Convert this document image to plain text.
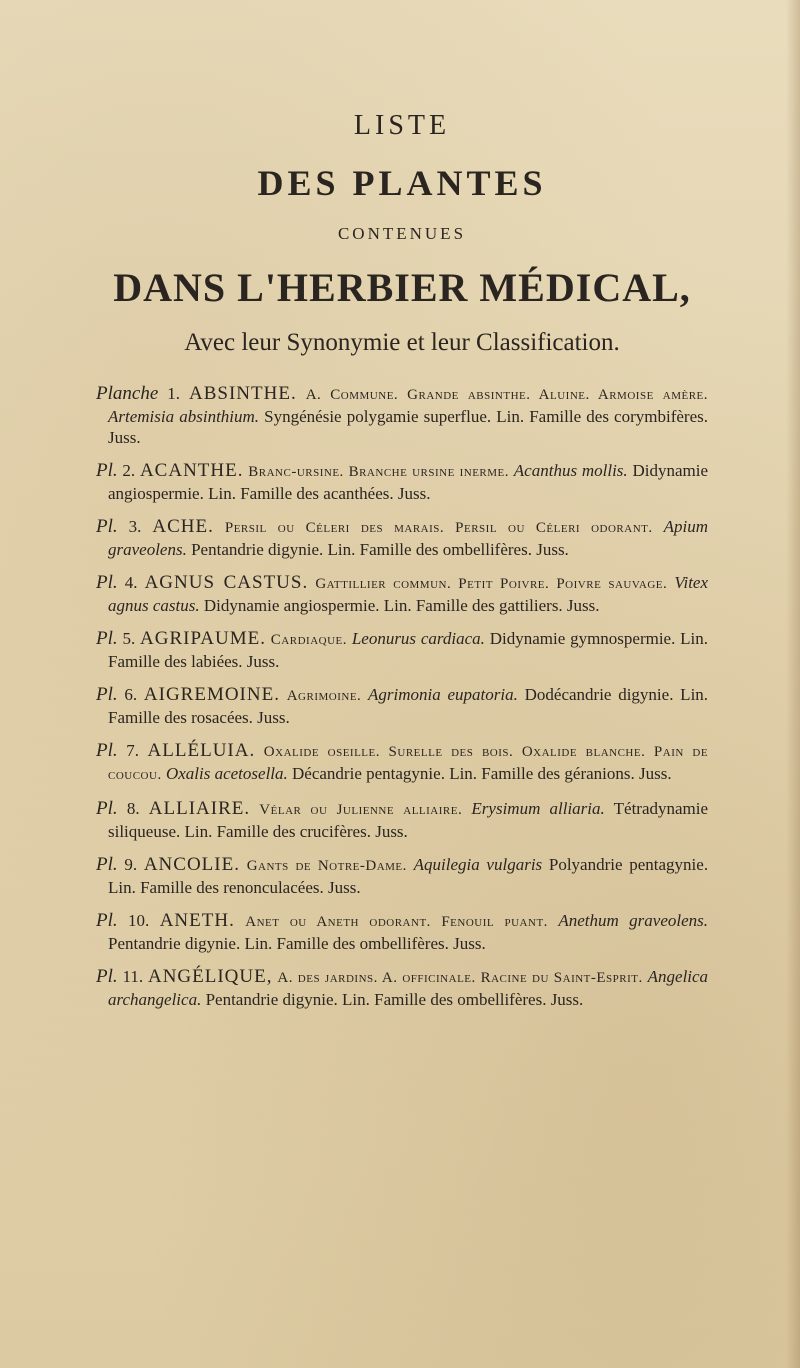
LISTE
DES PLANTES
CONTENUES
DANS L'HERBIER MÉDICAL,
Avec leur Synonymie et leur Classification.
Planche 1. ABSINTHE. A. Commune. Grande absinthe. Aluine. Armoise amère. Artemisia absinthium. Syngénésie polygamie superflue. Lin. Famille des corymbifères. Juss.
Pl. 2. ACANTHE. Branc-ursine. Branche ursine inerme. Acanthus mollis. Didynamie angiospermie. Lin. Famille des acanthées. Juss.
Pl. 3. ACHE. Persil ou Céleri des marais. Persil ou Céleri odorant. Apium graveolens. Pentandrie digynie. Lin. Famille des ombellifères. Juss.
Pl. 4. AGNUS CASTUS. Gattillier commun. Petit Poivre. Poivre sauvage. Vitex agnus castus. Didynamie angiospermie. Lin. Famille des gattiliers. Juss.
Pl. 5. AGRIPAUME. Cardiaque. Leonurus cardiaca. Didynamie gymnospermie. Lin. Famille des labiées. Juss.
Pl. 6. AIGREMOINE. Agrimoine. Agrimonia eupatoria. Dodécandrie digynie. Lin. Famille des rosacées. Juss.
Pl. 7. ALLÉLUIA. Oxalide oseille. Surelle des bois. Oxalide blanche. Pain de coucou. Oxalis acetosella. Décandrie pentagynie. Lin. Famille des géranions. Juss.
Pl. 8. ALLIAIRE. Vélar ou Julienne alliaire. Erysimum alliaria. Tétradynamie siliqueuse. Lin. Famille des crucifères. Juss.
Pl. 9. ANCOLIE. Gants de Notre-Dame. Aquilegia vulgaris Polyandrie pentagynie. Lin. Famille des renonculacées. Juss.
Pl. 10. ANETH. Anet ou Aneth odorant. Fenouil puant. Anethum graveolens. Pentandrie digynie. Lin. Famille des ombellifères. Juss.
Pl. 11. ANGÉLIQUE, A. des jardins. A. officinale. Racine du Saint-Esprit. Angelica archangelica. Pentandrie digynie. Lin. Famille des ombellifères. Juss.
